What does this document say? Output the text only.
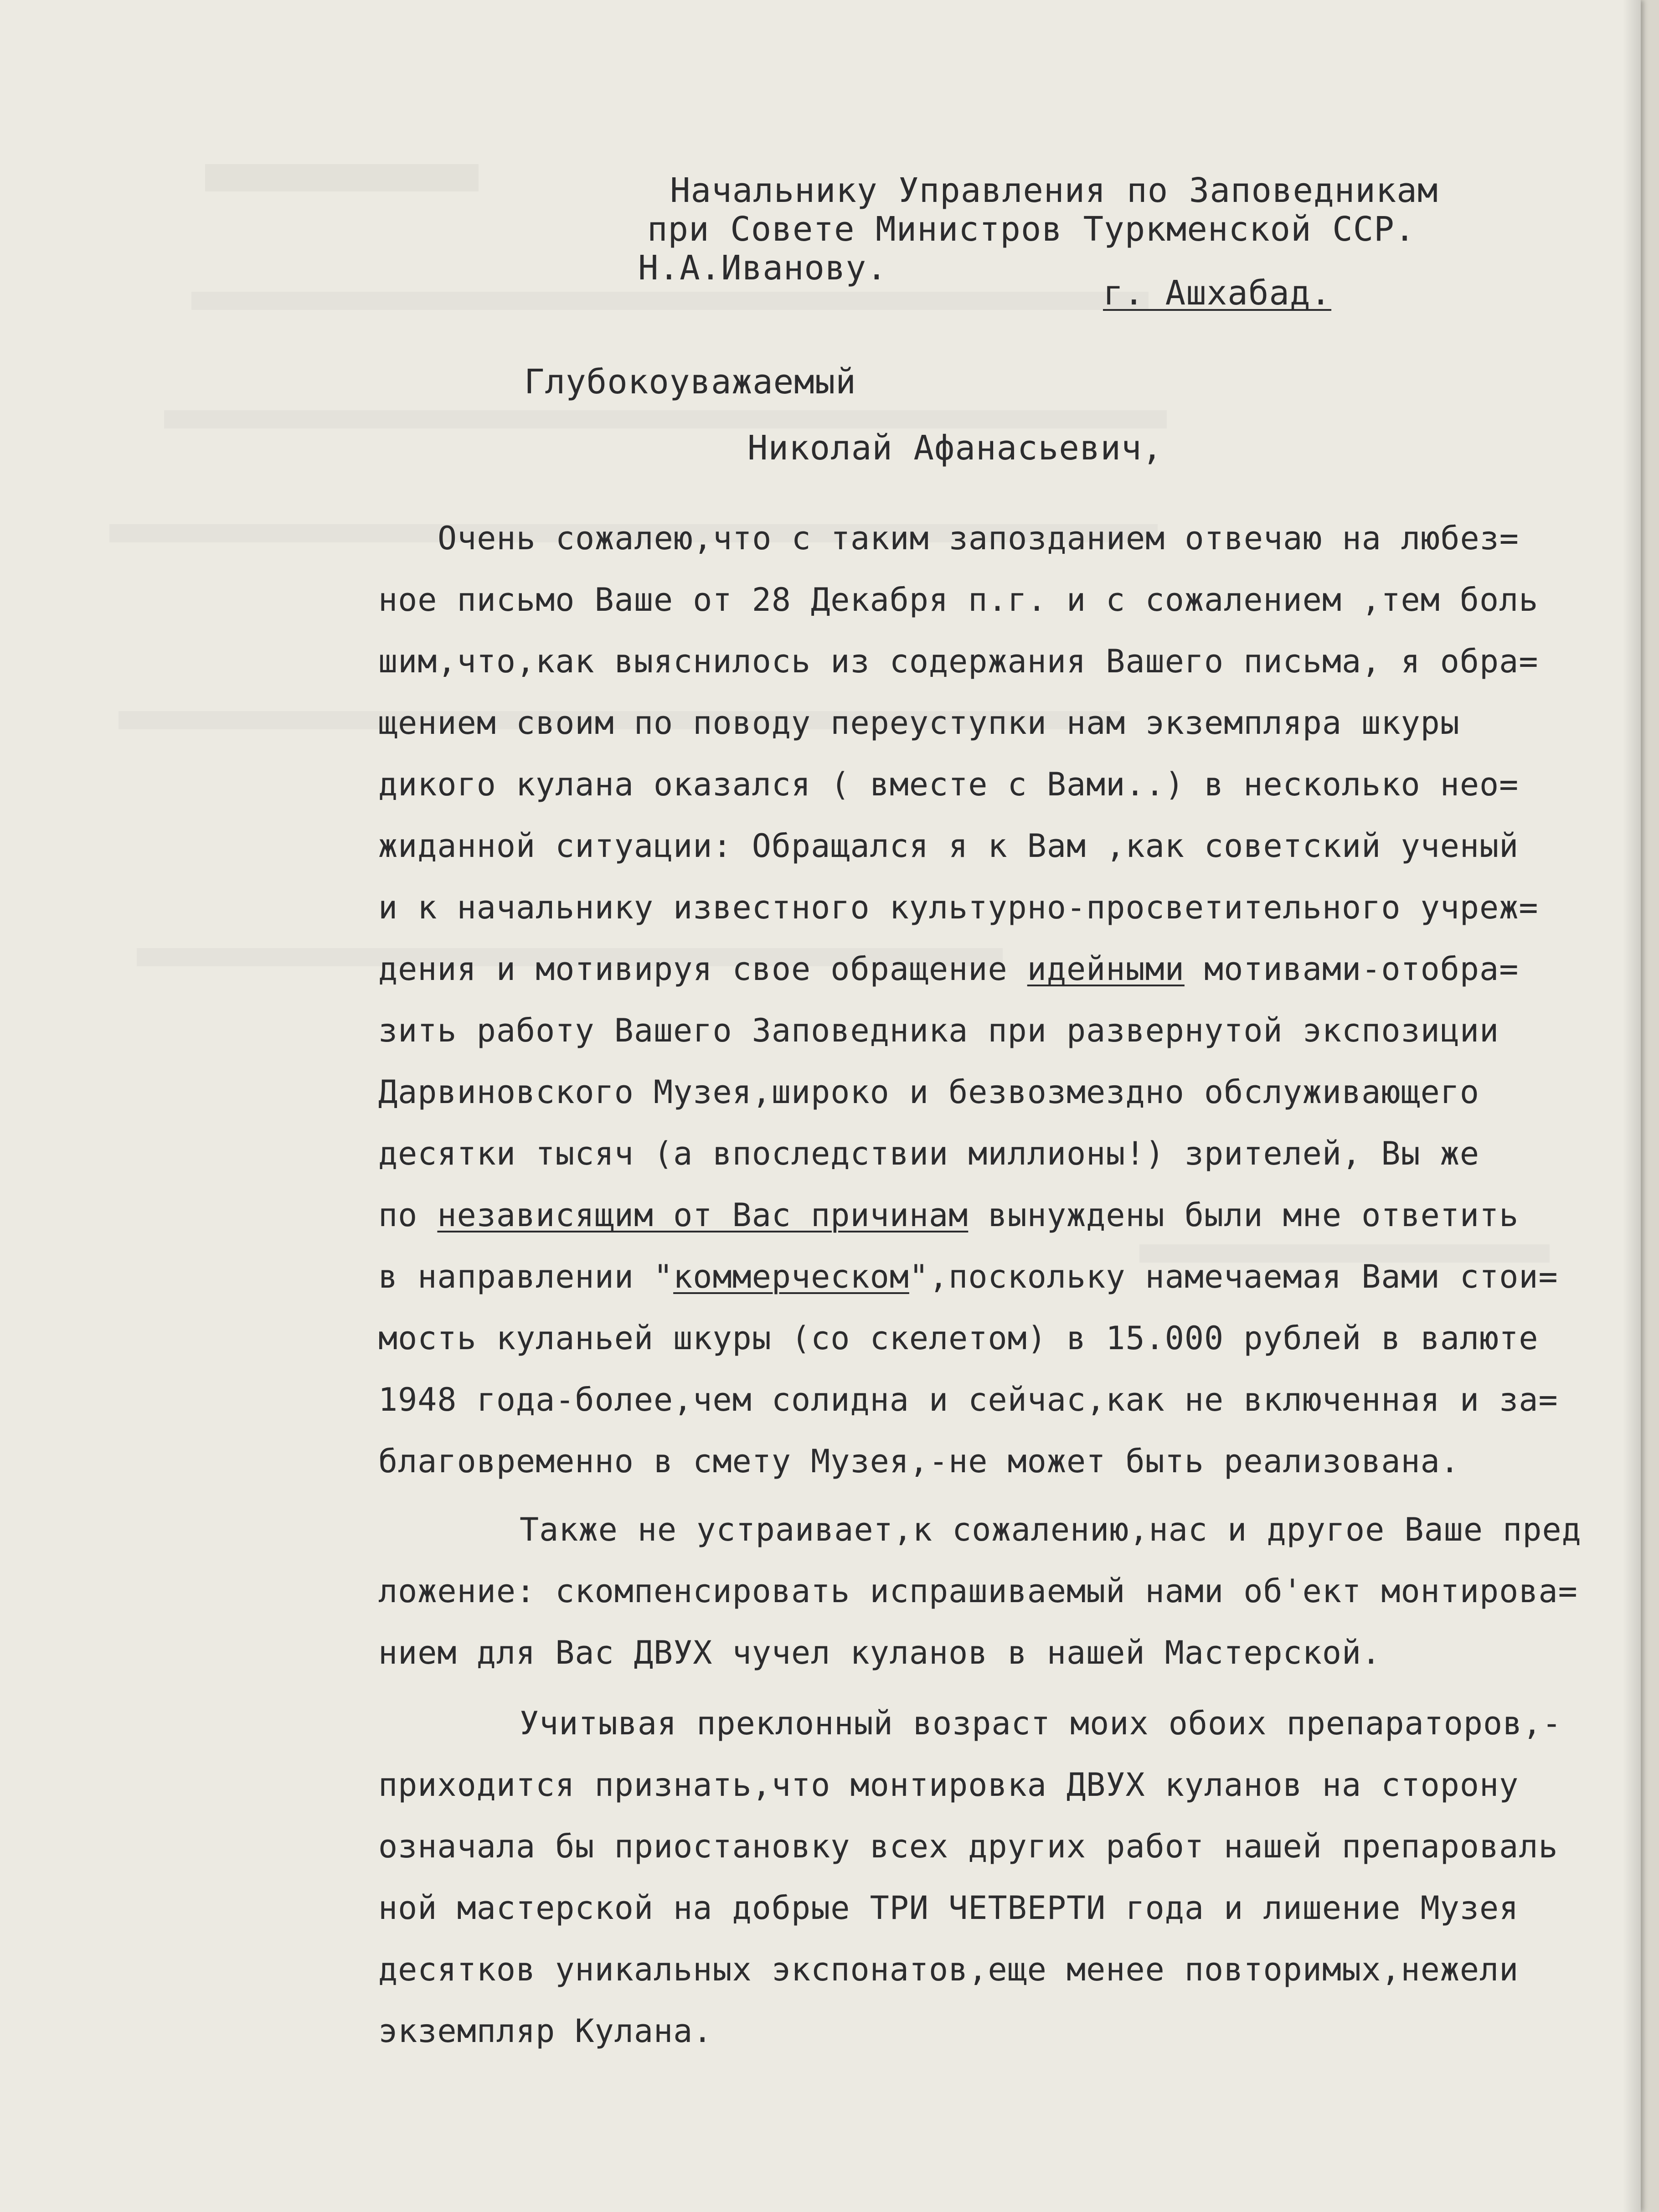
Начальнику Управления по Заповедникам
при Совете Министров Туркменской ССР.
Н.А.Иванову.
г. Ашхабад.
Глубокоуважаемый
Николай Афанасьевич,
Очень сожалею,что с таким запозданием отвечаю на любез=
ное письмо Ваше от 28 Декабря п.г. и с сожалением ,тем боль
шим,что,как выяснилось из содержания Вашего письма, я обра=
щением своим по поводу переуступки нам экземпляра шкуры
дикого кулана оказался ( вместе с Вами..) в несколько нео=
жиданной ситуации: Обращался я к Вам ,как советский ученый
и к начальнику известного культурно-просветительного учреж=
дения и мотивируя свое обращение идейными мотивами-отобра=
зить работу Вашего Заповедника при развернутой экспозиции
Дарвиновского Музея,широко и безвозмездно обслуживающего
десятки тысяч (а впоследствии миллионы!) зрителей, Вы же
по независящим от Вас причинам вынуждены были мне ответить
в направлении "коммерческом",поскольку намечаемая Вами стои=
мость куланьей шкуры (со скелетом) в 15.000 рублей в валюте
1948 года-более,чем солидна и сейчас,как не включенная и за=
благовременно в смету Музея,-не может быть реализована.
Также не устраивает,к сожалению,нас и другое Ваше пред
ложение: скомпенсировать испрашиваемый нами об'ект монтирова=
нием для Вас ДВУХ чучел куланов в нашей Мастерской.
Учитывая преклонный возраст моих обоих препараторов,-
приходится признать,что монтировка ДВУХ куланов на сторону
означала бы приостановку всех других работ нашей препароваль
ной мастерской на добрые ТРИ ЧЕТВЕРТИ года и лишение Музея
десятков уникальных экспонатов,еще менее повторимых,нежели
экземпляр Кулана.
